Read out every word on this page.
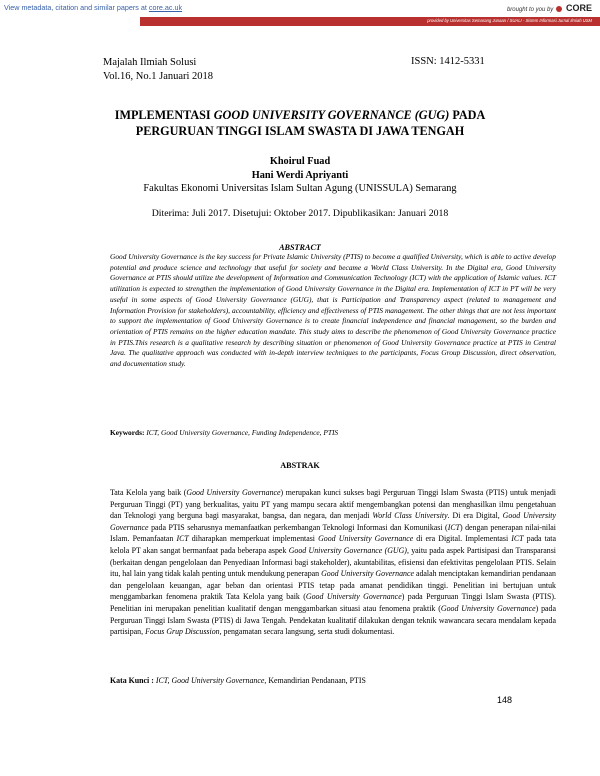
View metadata, citation and similar papers at core.ac.uk	brought to you by CORE
provided by Universitas Semarang Junaan / SUALI - Sistem Informasi Jurnal Ilmiah USM
Majalah Ilmiah Solusi
Vol.16, No.1 Januari 2018
ISSN: 1412-5331
IMPLEMENTASI GOOD UNIVERSITY GOVERNANCE (GUG) PADA
PERGURUAN TINGGI ISLAM SWASTA DI JAWA TENGAH
Khoirul Fuad
Hani Werdi Apriyanti
Fakultas Ekonomi Universitas Islam Sultan Agung (UNISSULA) Semarang
Diterima: Juli 2017. Disetujui: Oktober 2017. Dipublikasikan: Januari 2018
ABSTRACT
Good University Governance is the key success for Private Islamic University (PTIS) to become a qualified University, which is able to active develop potential and produce science and technology that useful for society and became a World Class University. In the Digital era, Good University Governance at PTIS should utilize the development of Information and Communication Technology (ICT) with the application of Islamic values. ICT utilization is expected to strengthen the implementation of Good University Governance in the Digital era. Implementation of ICT in PT will be very useful in some aspects of Good University Governance (GUG), that is Participation and Transparency aspect (related to management and Information Provision for stakeholders), accountability, efficiency and effectiveness of PTIS management. The other things that are not less important to support the implementation of Good University Governance is to create financial independence and financial management, so the burden and orientation of PTIS remains on the higher education mandate. This study aims to describe the phenomenon of Good University Governance practice in PTIS.This research is a qualitative research by describing situation or phenomenon of Good University Governance practice at PTIS in Central Java. The qualitative approach was conducted with in-depth interview techniques to the participants, Focus Group Discussion, direct observation, and documentation study.
Keywords: ICT, Good University Governance, Funding Independence, PTIS
ABSTRAK
Tata Kelola yang baik (Good University Governance) merupakan kunci sukses bagi Perguruan Tinggi Islam Swasta (PTIS) untuk menjadi Perguruan Tinggi (PT) yang berkualitas, yaitu PT yang mampu secara aktif mengembangkan potensi dan menghasilkan ilmu pengetahuan dan Teknologi yang berguna bagi masyarakat, bangsa, dan negara, dan menjadi World Class University. Di era Digital, Good University Governance pada PTIS seharusnya memanfaatkan perkembangan Teknologi Informasi dan Komunikasi (ICT) dengan penerapan nilai-nilai Islam. Pemanfaatan ICT diharapkan memperkuat implementasi Good University Governance di era Digital. Implementasi ICT pada tata kelola PT akan sangat bermanfaat pada beberapa aspek Good University Governance (GUG), yaitu pada aspek Partisipasi dan Transparansi (berkaitan dengan pengelolaan dan Penyediaan Informasi bagi stakeholder), akuntabilitas, efisiensi dan efektivitas pengelolaan PTIS. Selain itu, hal lain yang tidak kalah penting untuk mendukung penerapan Good University Governance adalah menciptakan kemandirian pendanaan dan pengelolaan keuangan, agar beban dan orientasi PTIS tetap pada amanat pendidikan tinggi. Penelitian ini bertujuan untuk menggambarkan fenomena praktik Tata Kelola yang baik (Good University Governance) pada Perguruan Tinggi Islam Swasta (PTIS). Penelitian ini merupakan penelitian kualitatif dengan menggambarkan situasi atau fenomena praktik (Good University Governance) pada Perguruan Tinggi Islam Swasta (PTIS) di Jawa Tengah. Pendekatan kualitatif dilakukan dengan teknik wawancara secara mendalam kepada partisipan, Focus Grup Discussion, pengamatan secara langsung, serta studi dokumentasi.
Kata Kunci : ICT, Good University Governance, Kemandirian Pendanaan, PTIS
148
